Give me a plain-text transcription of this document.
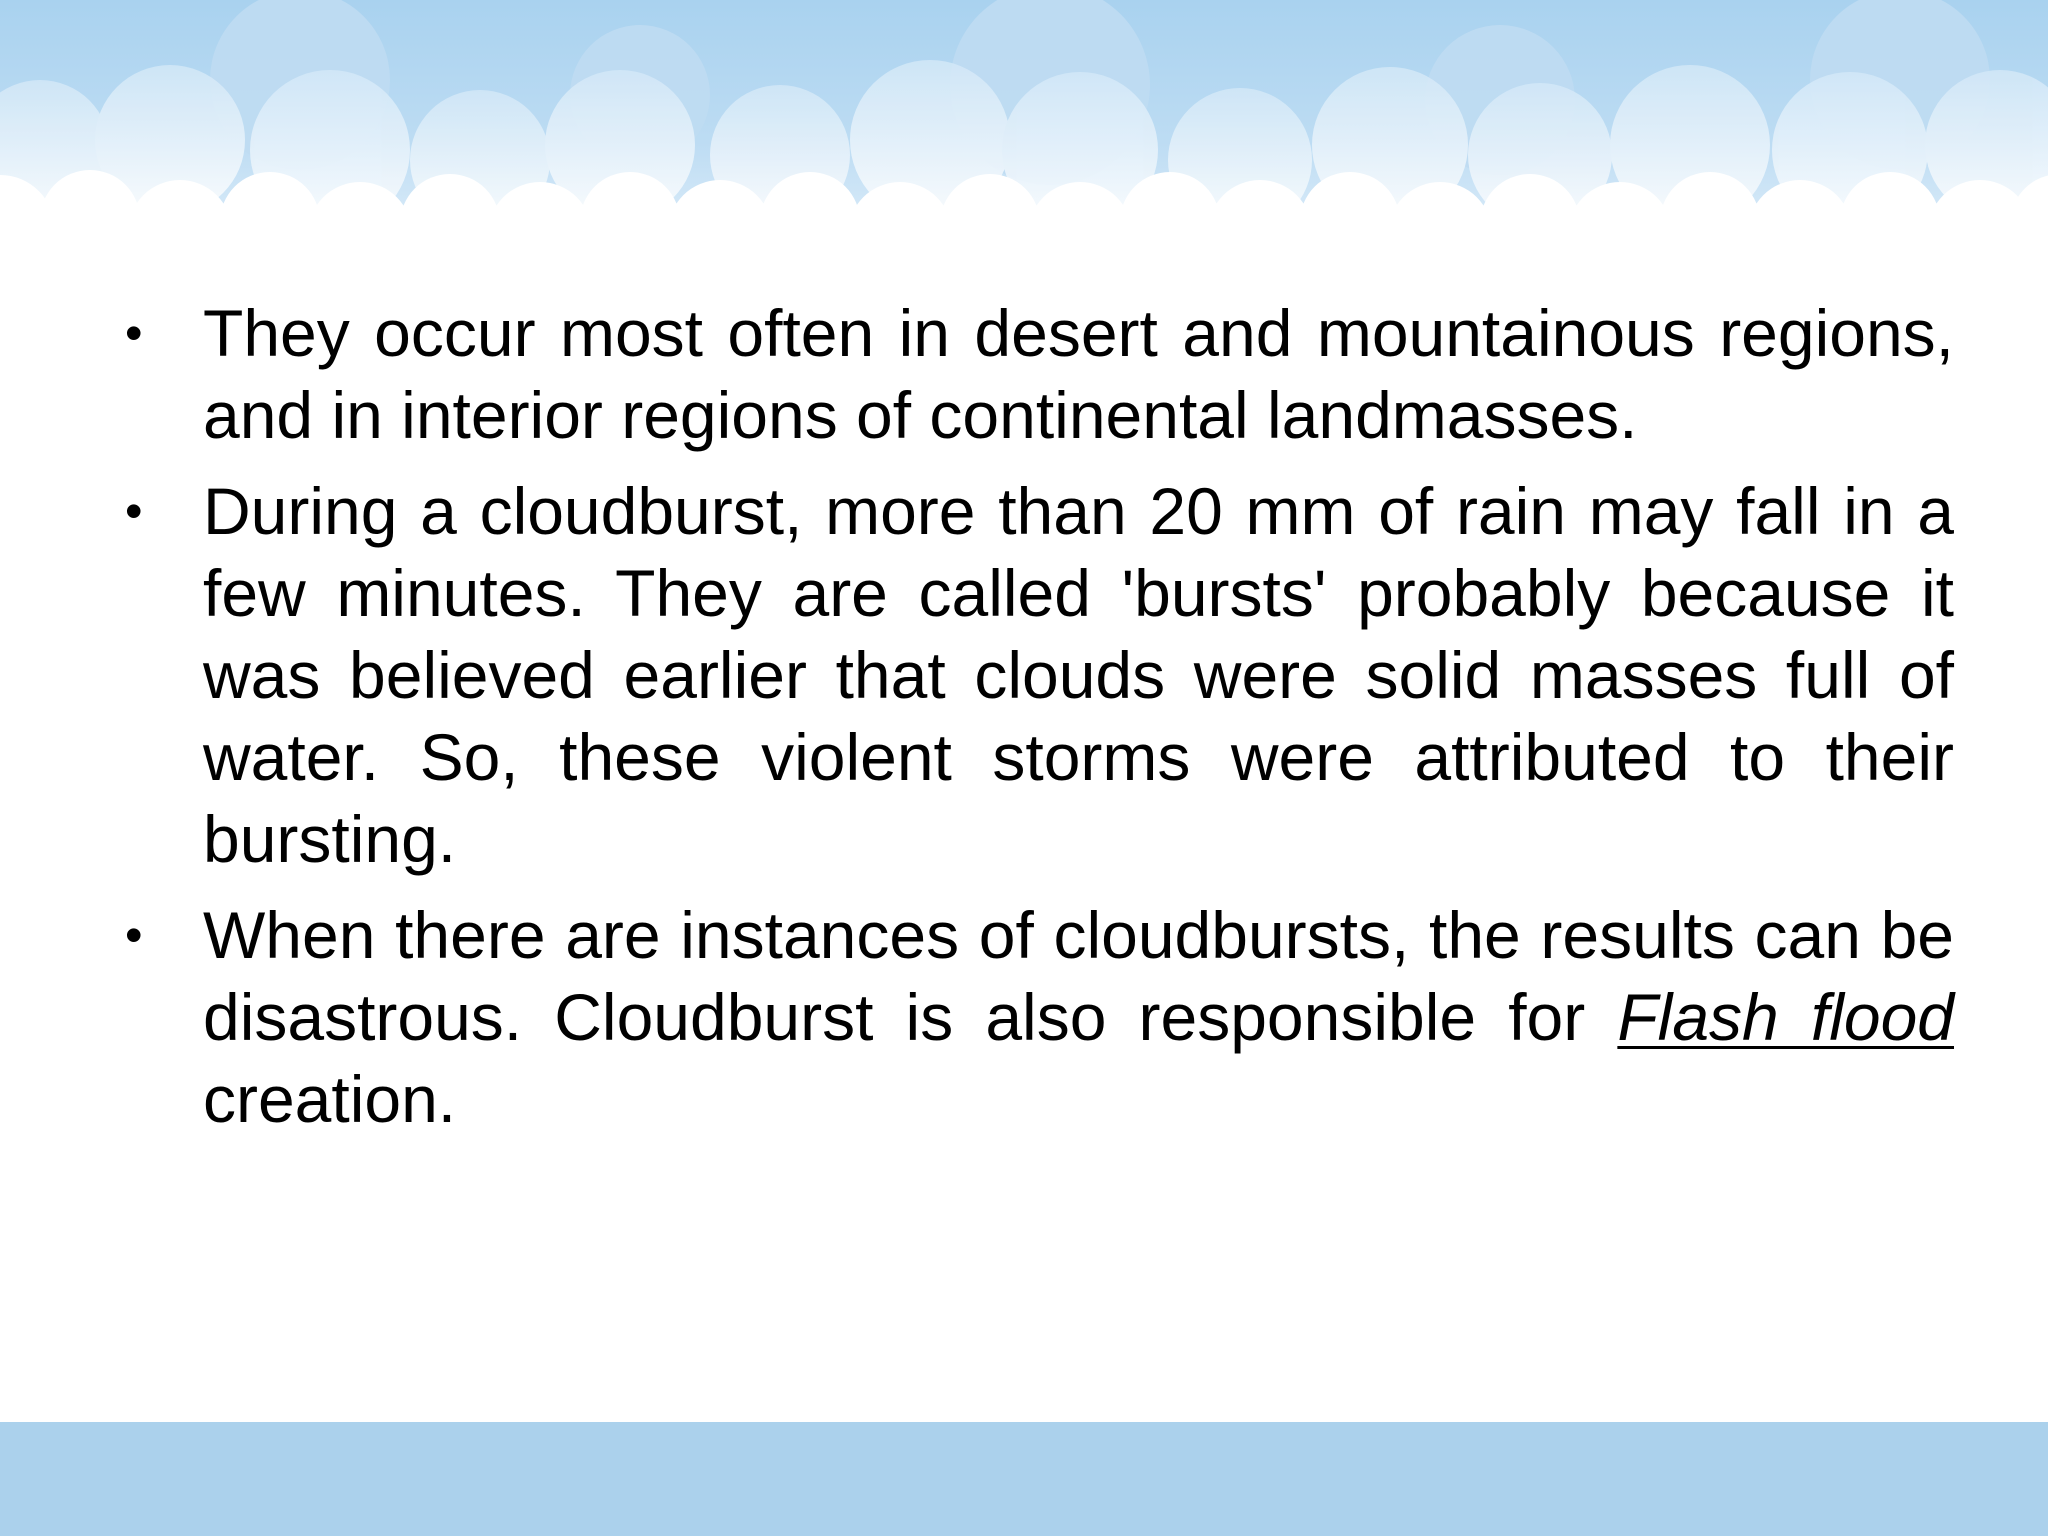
• They occur most often in desert and mountainous regions, and in interior regions of continental landmasses.
• During a cloudburst, more than 20 mm of rain may fall in a few minutes. They are called 'bursts' probably because it was believed earlier that clouds were solid masses full of water. So, these violent storms were attributed to their bursting.
• When there are instances of cloudbursts, the results can be disastrous. Cloudburst is also responsible for Flash flood creation.
